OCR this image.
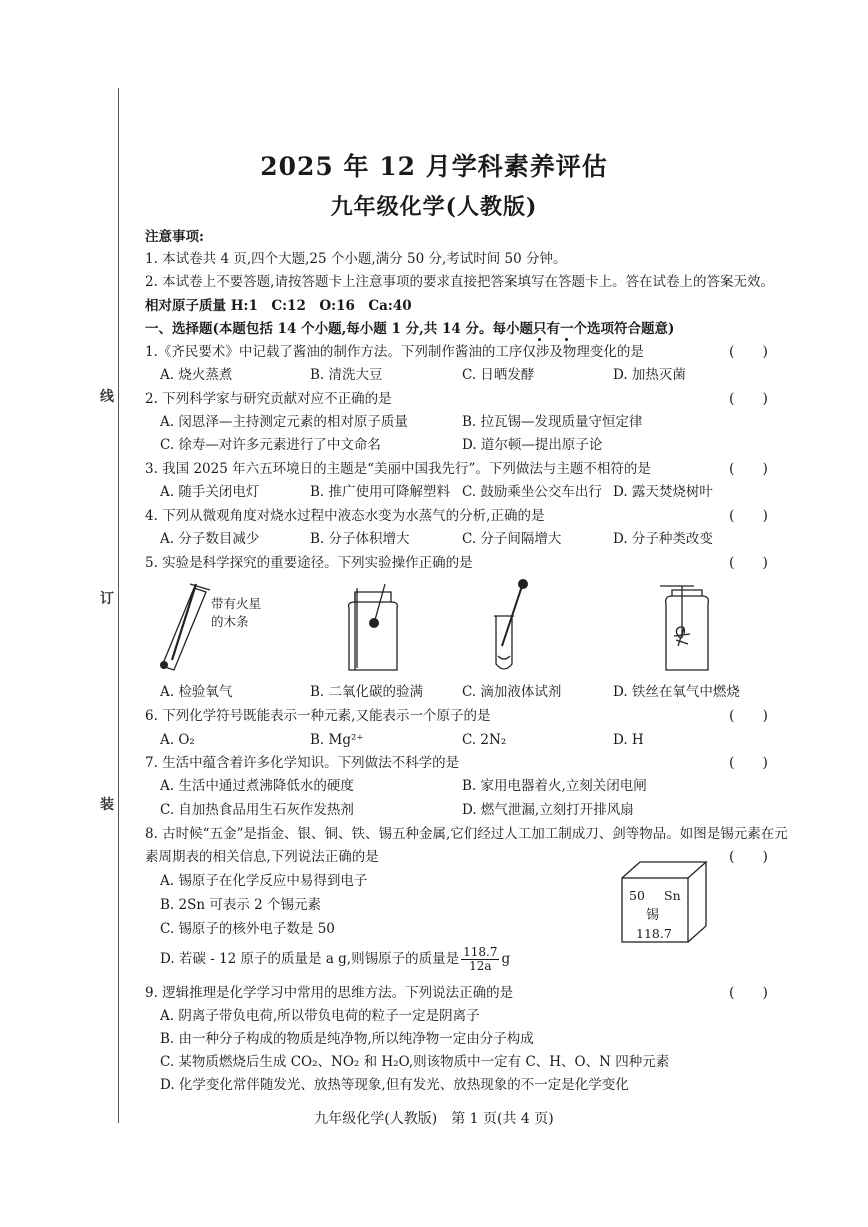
线
订
装
2025 年 12 月学科素养评估
九年级化学(人教版)
注意事项:
1. 本试卷共 4 页,四个大题,25 个小题,满分 50 分,考试时间 50 分钟。
2. 本试卷上不要答题,请按答题卡上注意事项的要求直接把答案填写在答题卡上。答在试卷上的答案无效。
相对原子质量 H:1　C:12　O:16　Ca:40
一、选择题(本题包括 14 个小题,每小题 1 分,共 14 分。每小题只有一个选项符合题意)
1.《齐民要术》中记载了酱油的制作方法。下列制作酱油的工序仅涉及物理变化的是	(　　)
A. 烧火蒸煮	B. 清洗大豆	C. 日晒发酵	D. 加热灭菌
2. 下列科学家与研究贡献对应不正确的是	(　　)
A. 闵恩泽—主持测定元素的相对原子质量	B. 拉瓦锡—发现质量守恒定律
C. 徐寿—对许多元素进行了中文命名	D. 道尔顿—提出原子论
3. 我国 2025 年六五环境日的主题是“美丽中国我先行”。下列做法与主题不相符的是	(　　)
A. 随手关闭电灯	B. 推广使用可降解塑料 C. 鼓励乘坐公交车出行 D. 露天焚烧树叶
4. 下列从微观角度对烧水过程中液态水变为水蒸气的分析,正确的是	(　　)
A. 分子数目减少	B. 分子体积增大	C. 分子间隔增大	D. 分子种类改变
5. 实验是科学探究的重要途径。下列实验操作正确的是	(　　)
带有火星
的木条
A. 检验氧气	B. 二氧化碳的验满	C. 滴加液体试剂	D. 铁丝在氧气中燃烧
6. 下列化学符号既能表示一种元素,又能表示一个原子的是	(　　)
A. O₂	B. Mg²⁺	C. 2N₂	D. H
7. 生活中蕴含着许多化学知识。下列做法不科学的是	(　　)
A. 生活中通过煮沸降低水的硬度	B. 家用电器着火,立刻关闭电闸
C. 自加热食品用生石灰作发热剂	D. 燃气泄漏,立刻打开排风扇
8. 古时候“五金”是指金、银、铜、铁、锡五种金属,它们经过人工加工制成刀、剑等物品。如图是锡元素在元
素周期表的相关信息,下列说法正确的是	(　　)
A. 锡原子在化学反应中易得到电子
B. 2Sn 可表示 2 个锡元素
C. 锡原子的核外电子数是 50
D. 若碳 - 12 原子的质量是 a g,则锡原子的质量是 $\frac{118.7}{12a}$ g
50 Sn
锡
118.7
9. 逻辑推理是化学学习中常用的思维方法。下列说法正确的是	(　　)
A. 阴离子带负电荷,所以带负电荷的粒子一定是阴离子
B. 由一种分子构成的物质是纯净物,所以纯净物一定由分子构成
C. 某物质燃烧后生成 CO₂、NO₂ 和 H₂O,则该物质中一定有 C、H、O、N 四种元素
D. 化学变化常伴随发光、放热等现象,但有发光、放热现象的不一定是化学变化
九年级化学(人教版)　第 1 页(共 4 页)
